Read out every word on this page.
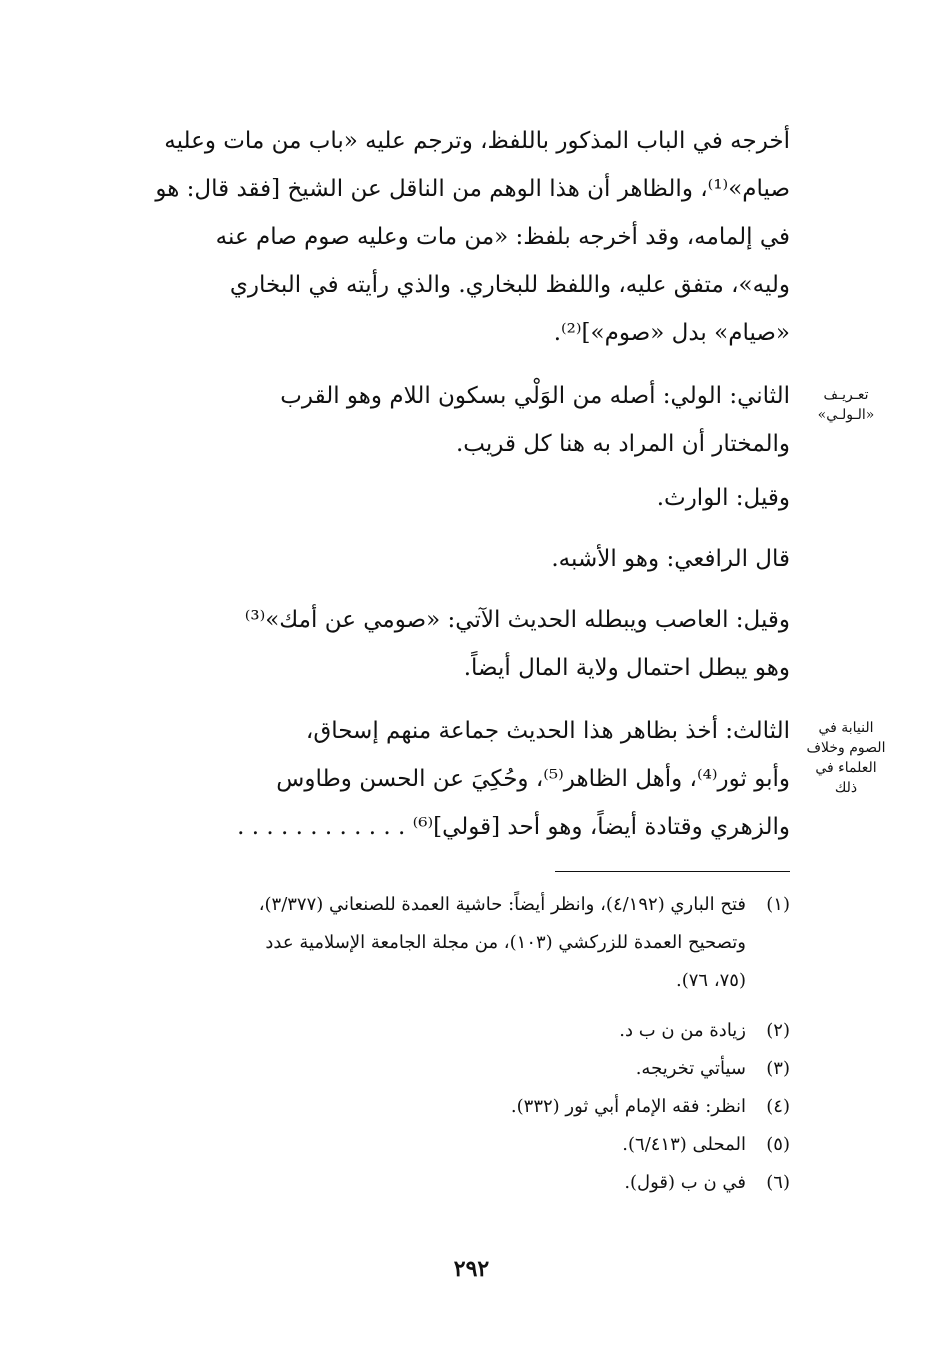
أخرجه في الباب المذكور باللفظ، وترجم عليه «باب من مات وعليه
صيام»⁽¹⁾، والظاهر أن هذا الوهم من الناقل عن الشيخ [فقد قال: هو
في إلمامه، وقد أخرجه بلفظ: «من مات وعليه صوم صام عنه
وليه»، متفق عليه، واللفظ للبخاري. والذي رأيته في البخاري
«صيام» بدل «صوم»]⁽²⁾.
تعـريـف
«الـولـي»
الثاني: الولي: أصله من الوَلْي بسكون اللام وهو القرب
والمختار أن المراد به هنا كل قريب.
وقيل: الوارث.
قال الرافعي: وهو الأشبه.
وقيل: العاصب ويبطله الحديث الآتي: «صومي عن أمك»⁽³⁾
وهو يبطل احتمال ولاية المال أيضاً.
النيابة في
الصوم وخلاف
العلماء في
ذلك
الثالث: أخذ بظاهر هذا الحديث جماعة منهم إسحاق،
وأبو ثور⁽⁴⁾، وأهل الظاهر⁽⁵⁾، وحُكِيَ عن الحسن وطاوس
والزهري وقتادة أيضاً، وهو أحد [قولي]⁽⁶⁾ . . . . . . . . . . . .
(١)
فتح الباري (٤/١٩٢)، وانظر أيضاً: حاشية العمدة للصنعاني (٣/٣٧٧)،
وتصحيح العمدة للزركشي (١٠٣)، من مجلة الجامعة الإسلامية عدد
(٧٥، ٧٦).
(٢)
زيادة من ن ب د.
(٣)
سيأتي تخريجه.
(٤)
انظر: فقه الإمام أبي ثور (٣٣٢).
(٥)
المحلى (٦/٤١٣).
(٦)
في ن ب (قول).
٢٩٢
